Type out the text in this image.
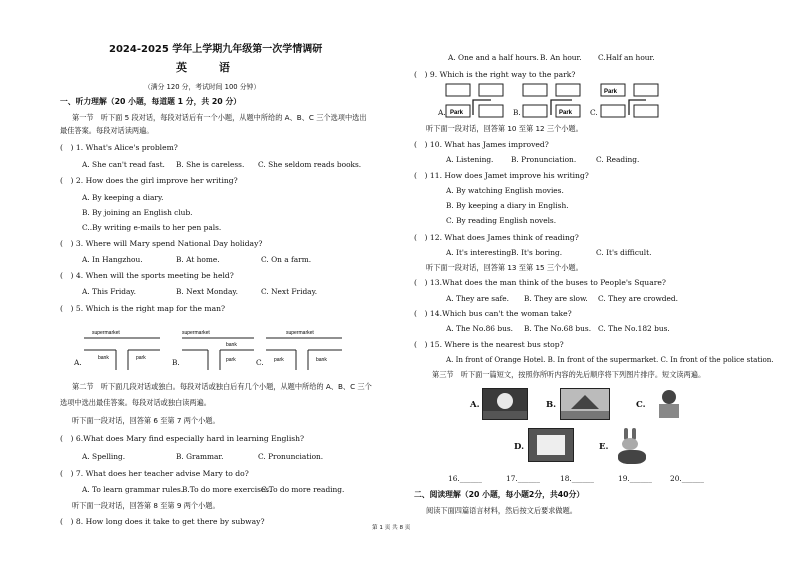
2024-2025 学年上学期九年级第一次学情调研
英 语
（满分 120 分，考试时间 100 分钟）
一、听力理解（20 小题，每道题 1 分，共 20 分）
第一节　听下面 5 段对话，每段对话后有一个小题，从题中所给的 A、B、C 三个选项中选出
最佳答案。每段对话读两遍。
(　) 1. What's Alice's problem?
A. She can't read fast. B. She is careless. C. She seldom reads books.
(　) 2. How does the girl improve her writing?
A. By keeping a diary.
B. By joining an English club.
C..By writing e-mails to her pen pals.
(　) 3. Where will Mary spend National Day holiday?
A. In Hangzhou.	B. At home.	C. On a farm.
(　) 4. When will the sports meeting be held?
A. This Friday.	B. Next Monday.	C. Next Friday.
(　) 5. Which is the right map for the man?
A.
supermarket
bank	park	B.
supermarket
bank
park	C.
supermarket
park	bank
第二节　听下面几段对话或独白。每段对话或独白后有几个小题，从题中所给的 A、B、C 三个
选项中选出最佳答案。每段对话或独白读两遍。
听下面一段对话，回答第 6 至第 7 两个小题。
(　) 6.What does Mary find especially hard in learning English?
A. Spelling.	B. Grammar.	C. Pronunciation.
(　) 7. What does her teacher advise Mary to do?
A. To learn grammar rules.
B.To do more exercises.
C.To do more reading.
听下面一段对话，回答第 8 至第 9 两个小题。
(　) 8. How long does it take to get there by subway?
A. One and a half hours. B. An hour. C.Half an hour.
(　) 9. Which is the right way to the park?
A. Park	B.	Park C.
Park
听下面一段对话，回答第 10 至第 12 三个小题。
(　) 10. What has James improved?
A. Listening. B. Pronunciation.	C. Reading.
(　) 11. How does Jamet improve his writing?
A. By watching English movies.
B. By keeping a diary in English.
C. By reading English novels.
(　) 12. What does James think of reading?
A. It's interesting.
B. It's boring.	C. It's difficult.
听下面一段对话，回答第 13 至第 15 三个小题。
(　) 13.What does the man think of the buses to People's Square?
A. They are safe. B. They are slow. C. They are crowded.
(　) 14.Which bus can't the woman take?
A. The No.86 bus. B. The No.68 bus. C. The No.182 bus.
(　) 15. Where is the nearest bus stop?
A. In front of Orange Hotel. B. In front of the supermarket. C. In front of the police station.
第三节　听下面一篇短文，按照你所听内容的先后顺序将下列图片排序。短文读两遍。
A.	B.	C.
D.	E.
16.______	17.______	18.______	19.______ 20.______
二、阅读理解（20 小题，每小题2分，共40分）
阅读下面四篇语言材料，然后按文后要求做题。
第 1 页 共 8 页
